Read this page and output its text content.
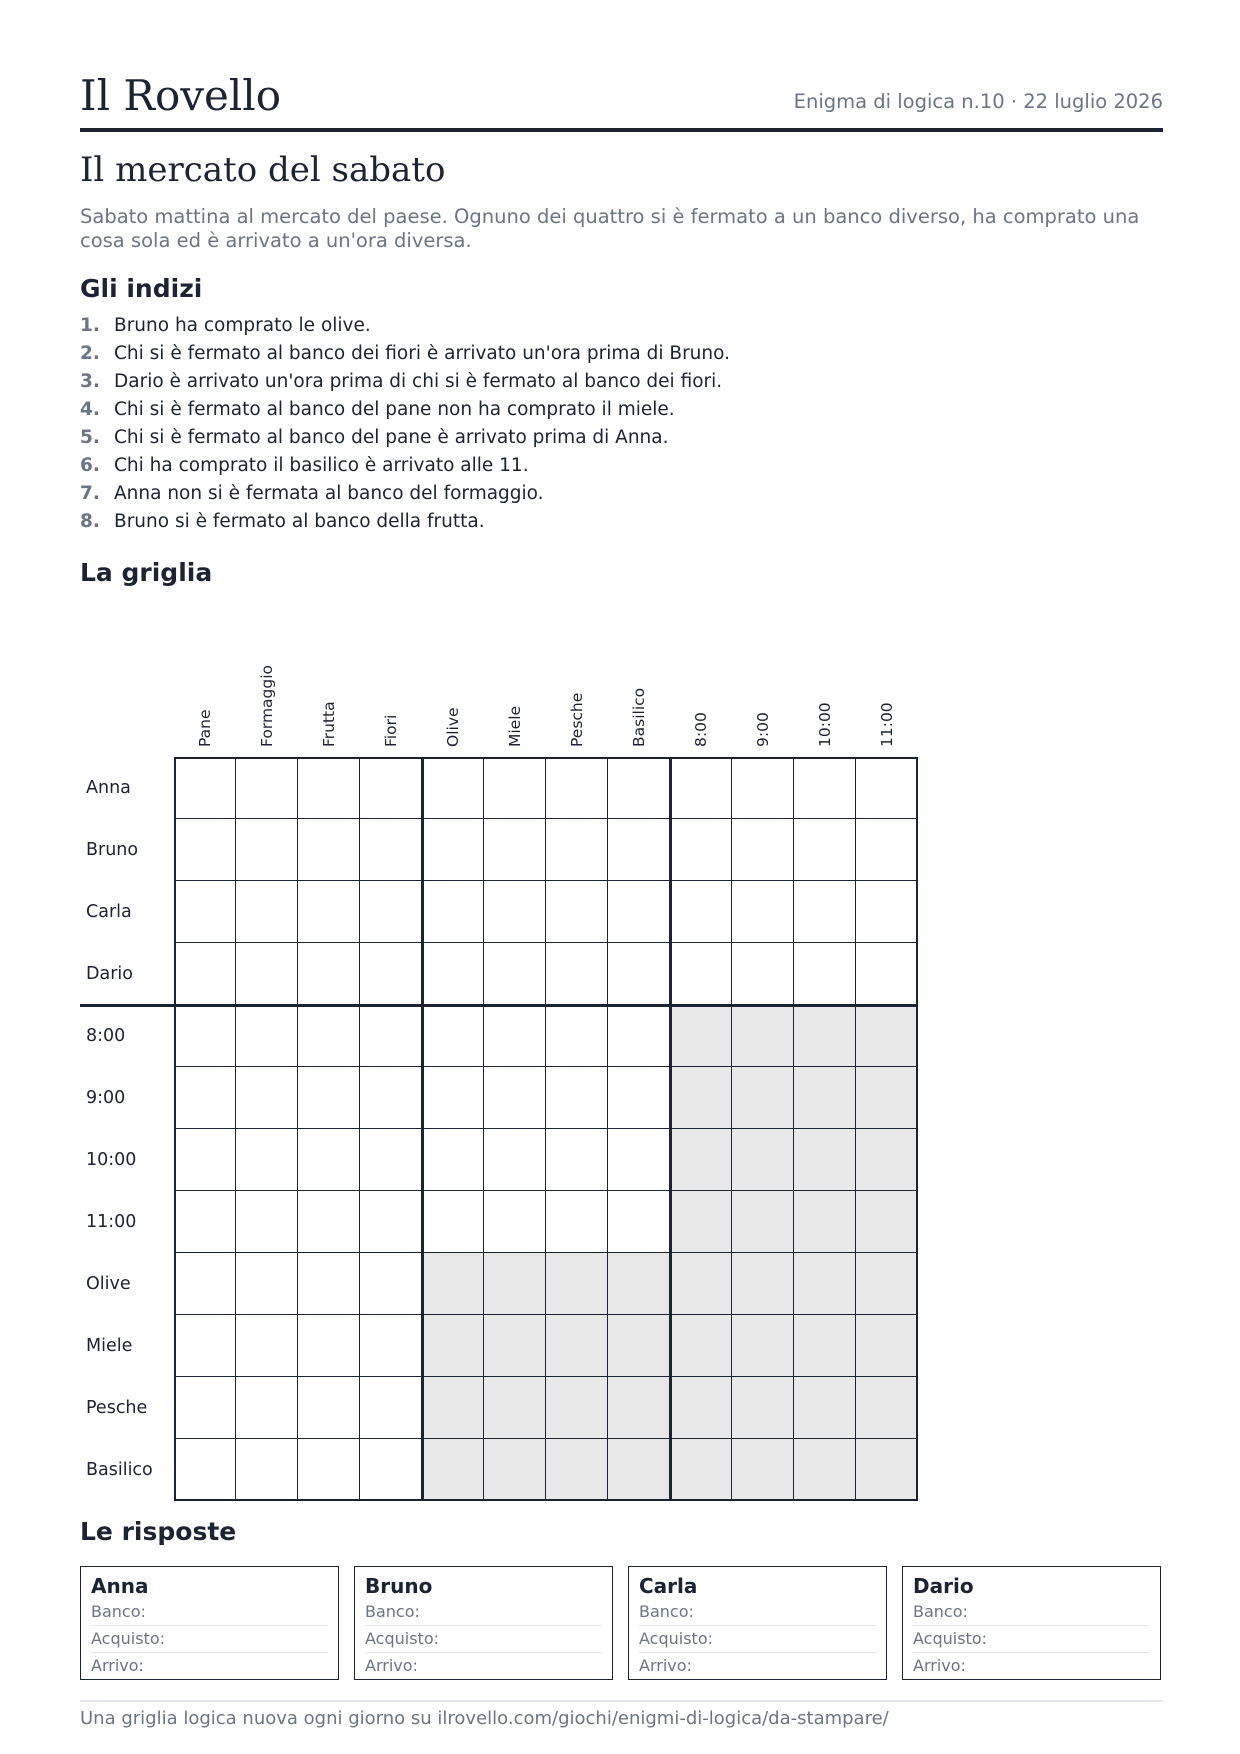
Il Rovello	Enigma di logica n.10 · 22 luglio 2026
Il mercato del sabato
Sabato mattina al mercato del paese. Ognuno dei quattro si è fermato a un banco diverso, ha comprato una cosa sola ed è arrivato a un'ora diversa.
Gli indizi
1. Bruno ha comprato le olive.
2. Chi si è fermato al banco dei fiori è arrivato un'ora prima di Bruno.
3. Dario è arrivato un'ora prima di chi si è fermato al banco dei fiori.
4. Chi si è fermato al banco del pane non ha comprato il miele.
5. Chi si è fermato al banco del pane è arrivato prima di Anna.
6. Chi ha comprato il basilico è arrivato alle 11.
7. Anna non si è fermata al banco del formaggio.
8. Bruno si è fermato al banco della frutta.
La griglia
Pane	Formaggio	Frutta	Fiori	Olive	Miele	Pesche	Basilico	8:00	9:00	10:00	11:00
Anna
Bruno
Carla
Dario
8:00
9:00
10:00
11:00
Olive
Miele
Pesche
Basilico
Le risposte
Anna
Banco:
Acquisto:
Arrivo:
Bruno
Banco:
Acquisto:
Arrivo:
Carla
Banco:
Acquisto:
Arrivo:
Dario
Banco:
Acquisto:
Arrivo:
Una griglia logica nuova ogni giorno su ilrovello.com/giochi/enigmi-di-logica/da-stampare/
